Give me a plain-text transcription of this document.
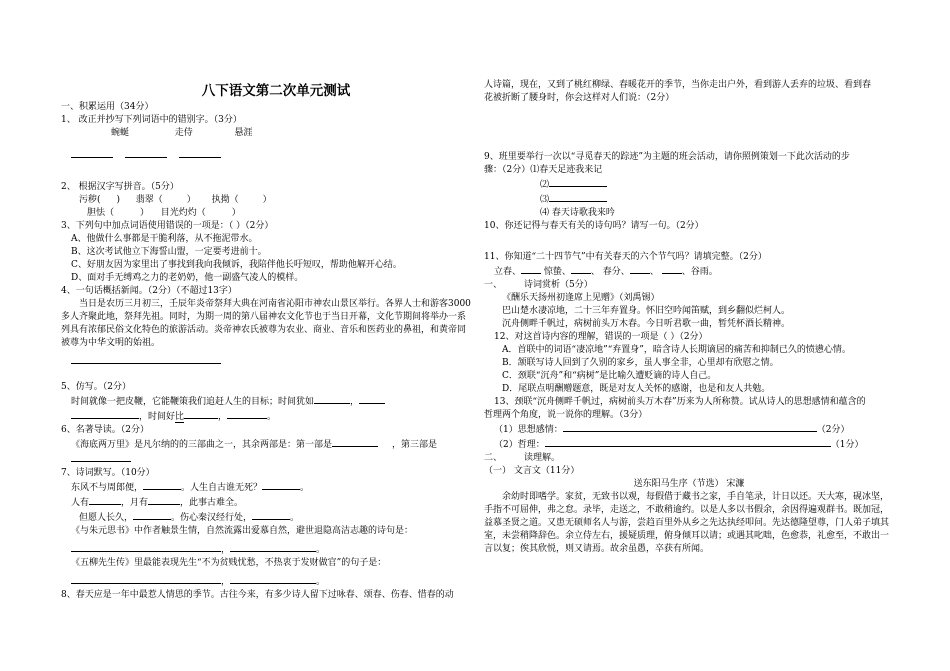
八下语文第二次单元测试

一、积累运用（34分）

1、 改正并抄写下列词语中的错别字。（3分）

蜿蜒	走侍	悬涯

2、 根据汉字写拼音。（5分）

污秽( ) 翡翠（	） 执拗（	）

胆怯（	） 目光灼灼（	）

3、下列句中加点词语使用错误的一项是：（ ）（2分）

A、他做什么事都是干脆利落，从不拖泥带水。

B、这次考试他立下海誓山盟，一定要考进前十。

C、好朋友因为家里出了事找到我向我倾诉，我陪伴他长吁短叹，帮助他解开心结。

D、面对手无缚鸡之力的老奶奶，他一副盛气凌人的模样。

4、一句话概括新闻。（2分）（不超过13字）

当日是农历三月初三，壬辰年炎帝祭拜大典在河南省沁阳市神农山景区举行。各界人士和游客3000多人齐聚此地，祭拜先祖。同时，为期一周的第八届神农文化节也于当日开幕，文化节期间将举办一系列具有浓郁民俗文化特色的旅游活动。炎帝神农氏被尊为农业、商业、音乐和医药业的鼻祖，和黄帝同被尊为中华文明的始祖。

5、仿写。（2分）

时间就像一把皮鞭，它能鞭策我们追赶人生的目标；时间犹如	，

，时间好比	，	。

6、名著导读。（2分）

《海底两万里》是凡尔纳的的三部曲之一，其余两部是：第一部是	，第三部是

7、诗词默写。（10分）

东风不与周郎便，	。人生自古谁无死？	。

人有	，月有	，此事古难全。

但愿人长久，	。伤心秦汉经行处，	。

《与朱元思书》中作者触景生情，自然流露出爱慕自然，避世退隐高洁志趣的诗句是：

，	。

《五柳先生传》里最能表现先生“不为贫贱忧愁，不热衷于发财做官”的句子是：

，	。

8、春天应是一年中最惹人情思的季节。古往今来，有多少诗人留下过咏春、颂春、伤春、惜春的动

人诗篇，现在，又到了桃红柳绿、春暖花开的季节，当你走出户外，看到游人丢弃的垃圾、看到春

花被折断了腰身时，你会这样对人们说：（2分）

9、班里要举行一次以“寻觅春天的踪迹”为主题的班会活动，请你照例策划一下此次活动的步

骤：（2分）⑴春天足迹我来记

⑵

⑶

⑷ 春天诗歌我来吟

10、你还记得与春天有关的诗句吗？请写一句。（2分）

11、你知道“二十四节气”中有关春天的六个节气吗？请填完整。（2分）

立春、	惊蛰、 、 春分、 、 、谷雨。

一、 诗词赏析（5分）

《酬乐天扬州初逢席上见赠》（刘禹锡）

巴山楚水凄凉地，二十三年弃置身。怀旧空吟闻笛赋，到乡翻似烂柯人。

沉舟侧畔千帆过，病树前头万木春。今日听君歌一曲，暂凭杯酒长精神。

12、对这首诗内容的理解，错误的一项是（ ）（2分）

A．首联中的词语“凄凉地”“弃置身”，暗含诗人长期谪居的痛苦和抑制已久的愤懑心情。

B．颔联写诗人回到了久别的家乡，虽人事全非，心里却有欣慰之情。

C．颈联“沉舟”和“病树”是比喻久遭贬谪的诗人自己。

D．尾联点明酬赠题意，既是对友人关怀的感谢，也是和友人共勉。

13、颈联“沉舟侧畔千帆过，病树前头万木春”历来为人所称赞。试从诗人的思想感情和蕴含的

哲理两个角度，说一说你的理解。（3分）

（1）思想感情：	（2分）

（2）哲理：	（1分）

二、 读理解。

（一） 文言文（11分）

送东阳马生序（节选） 宋濂

余幼时即嗜学。家贫，无致书以观，每假借于藏书之家，手自笔录，计日以还。天大寒，砚冰坚，手指不可屈伸，弗之怠。录毕，走送之，不敢稍逾约。以是人多以书假余，余因得遍观群书。既加冠，益慕圣贤之道。又患无硕师名人与游，尝趋百里外从乡之先达执经叩问。先达德隆望尊，门人弟子填其室，未尝稍降辞色。余立侍左右，援疑质理，俯身倾耳以请；或遇其叱咄，色愈恭，礼愈至，不敢出一言以复；俟其欣悦，则又请焉。故余虽愚，卒获有所闻。
